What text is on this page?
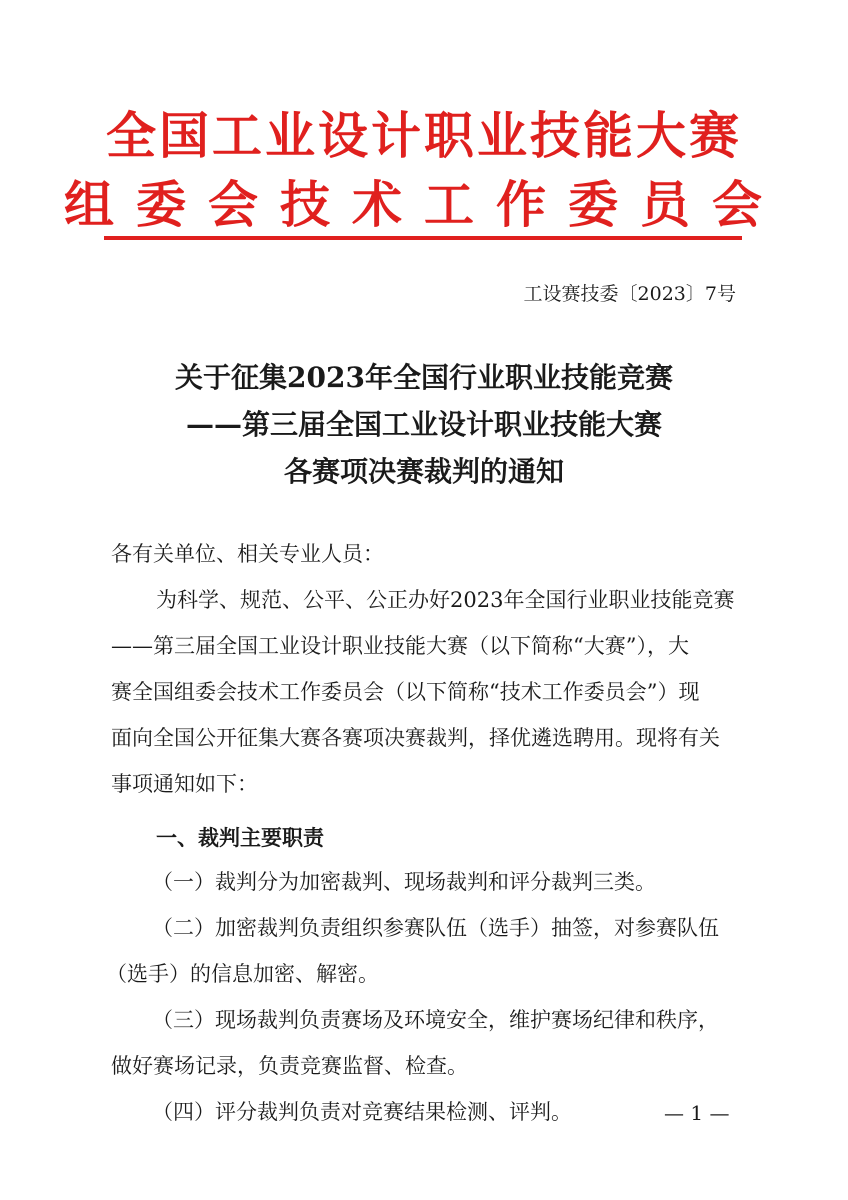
全国工业设计职业技能大赛
组委会技术工作委员会
工设赛技委〔2023〕7号
关于征集2023年全国行业职业技能竞赛
——第三届全国工业设计职业技能大赛
各赛项决赛裁判的通知
各有关单位、相关专业人员：
为科学、规范、公平、公正办好2023年全国行业职业技能竞赛
——第三届全国工业设计职业技能大赛（以下简称“大赛”），大
赛全国组委会技术工作委员会（以下简称“技术工作委员会”）现
面向全国公开征集大赛各赛项决赛裁判，择优遴选聘用。现将有关
事项通知如下：
一、裁判主要职责
（一）裁判分为加密裁判、现场裁判和评分裁判三类。
（二）加密裁判负责组织参赛队伍（选手）抽签，对参赛队伍
（选手）的信息加密、解密。
（三）现场裁判负责赛场及环境安全，维护赛场纪律和秩序，
做好赛场记录，负责竞赛监督、检查。
（四）评分裁判负责对竞赛结果检测、评判。	— 1 —
